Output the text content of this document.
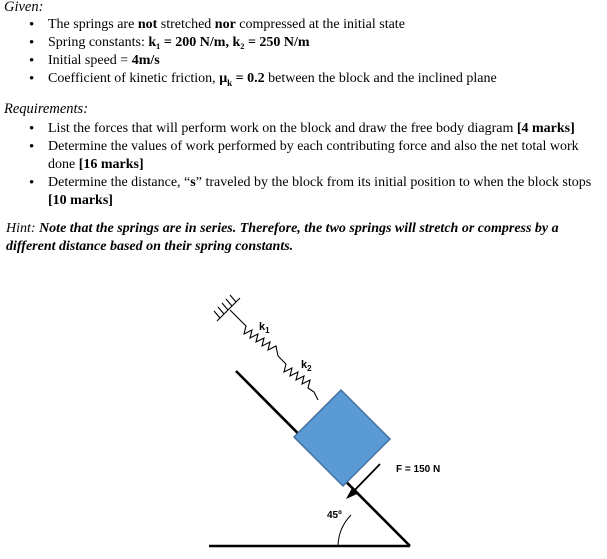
Given:
• The springs are not stretched nor compressed at the initial state
• Spring constants: k₁ = 200 N/m, k₂ = 250 N/m
• Initial speed = 4m/s
• Coefficient of kinetic friction, $\mu_k = 0.2$ between the block and the inclined plane
Requirements:
• List the forces that will perform work on the block and draw the free body diagram [4 marks]
• Determine the values of work performed by each contributing force and also the net total work done [16 marks]
• Determine the distance, “s” traveled by the block from its initial position to when the block stops [10 marks]
Hint: Note that the springs are in series. Therefore, the two springs will stretch or compress by a different distance based on their spring constants.
$k_1$
$k_2$
45º
F = 150 N
